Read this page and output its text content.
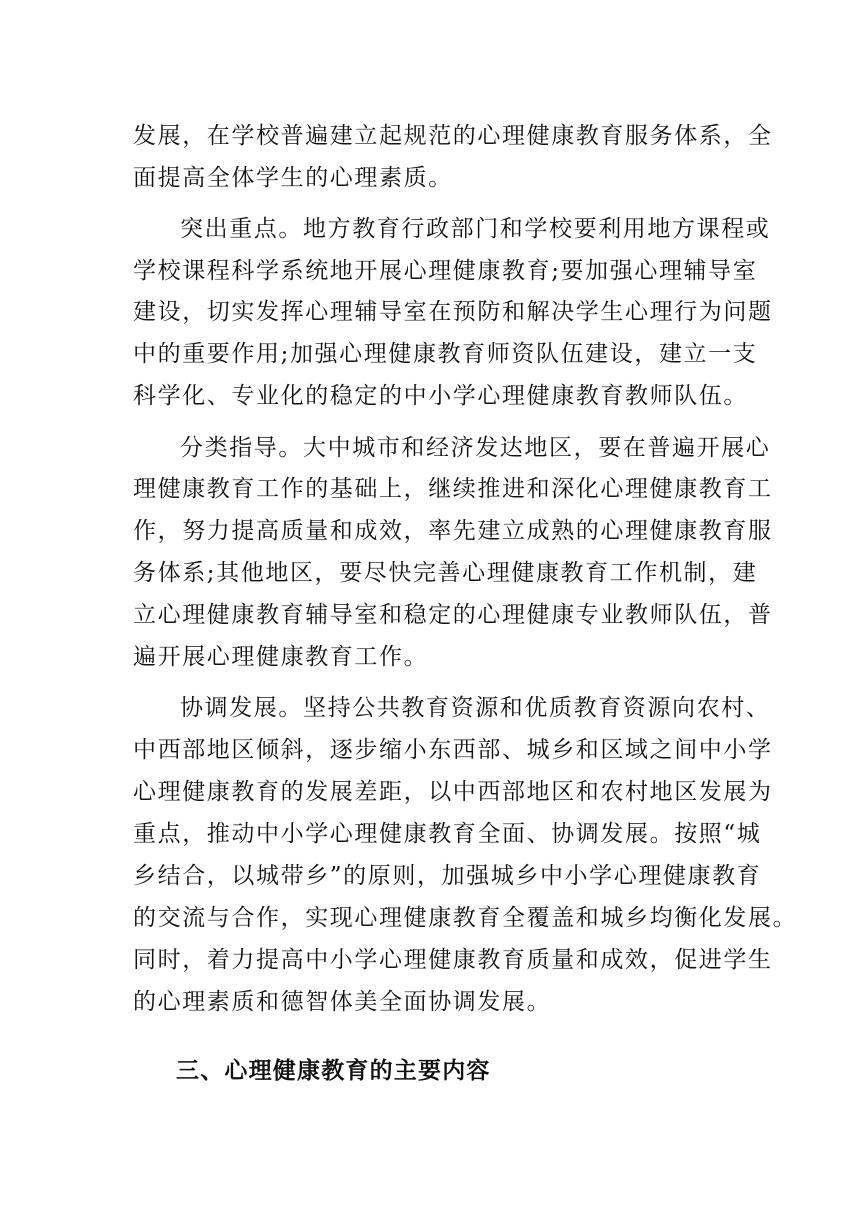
发展，在学校普遍建立起规范的心理健康教育服务体系，全
面提高全体学生的心理素质。
突出重点。地方教育行政部门和学校要利用地方课程或
学校课程科学系统地开展心理健康教育;要加强心理辅导室
建设，切实发挥心理辅导室在预防和解决学生心理行为问题
中的重要作用;加强心理健康教育师资队伍建设，建立一支
科学化、专业化的稳定的中小学心理健康教育教师队伍。
分类指导。大中城市和经济发达地区，要在普遍开展心
理健康教育工作的基础上，继续推进和深化心理健康教育工
作，努力提高质量和成效，率先建立成熟的心理健康教育服
务体系;其他地区，要尽快完善心理健康教育工作机制，建
立心理健康教育辅导室和稳定的心理健康专业教师队伍，普
遍开展心理健康教育工作。
协调发展。坚持公共教育资源和优质教育资源向农村、
中西部地区倾斜，逐步缩小东西部、城乡和区域之间中小学
心理健康教育的发展差距，以中西部地区和农村地区发展为
重点，推动中小学心理健康教育全面、协调发展。按照“城
乡结合，以城带乡”的原则，加强城乡中小学心理健康教育
的交流与合作，实现心理健康教育全覆盖和城乡均衡化发展。
同时，着力提高中小学心理健康教育质量和成效，促进学生
的心理素质和德智体美全面协调发展。
三、心理健康教育的主要内容
